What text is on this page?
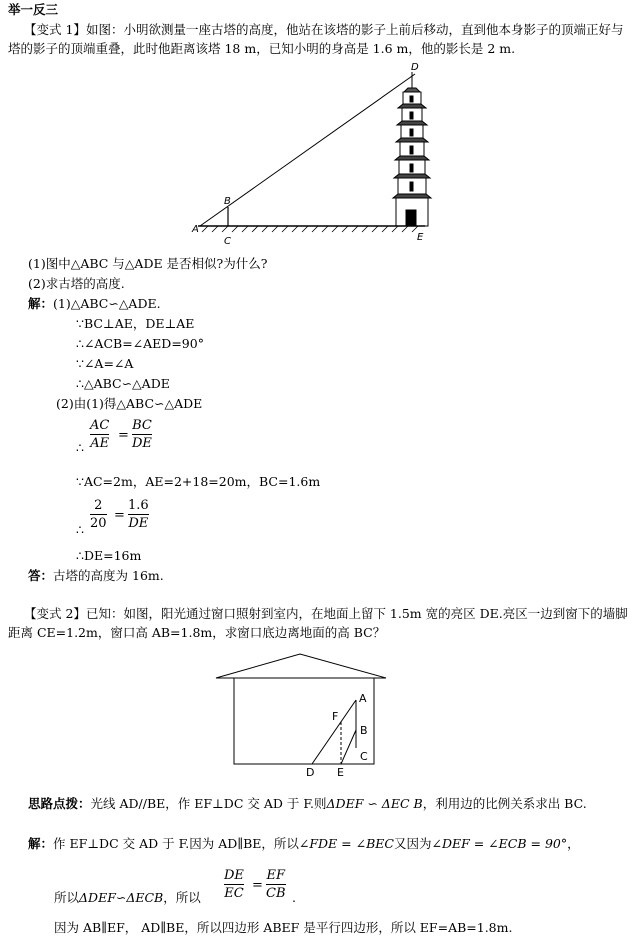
举一反三
【变式 1】如图：小明欲测量一座古塔的高度，他站在该塔的影子上前后移动，直到他本身影子的顶端正好与塔的影子的顶端重叠，此时他距离该塔 18 m，已知小明的身高是 1.6 m，他的影长是 2 m.
D
B
A
C	E
(1)图中△ABC 与△ADE 是否相似?为什么?
(2)求古塔的高度.
解：(1)△ABC∽△ADE.
∵BC⊥AE，DE⊥AE
∴∠ACB=∠AED=90°
∵∠A=∠A
∴△ABC∽△ADE
(2)由(1)得△ABC∽△ADE
∴
AC
AE
=
BC
DE
∵AC=2m，AE=2+18=20m，BC=1.6m
∴
2
20
=
1.6
DE
∴DE=16m
答：古塔的高度为 16m.
【变式 2】已知：如图，阳光通过窗口照射到室内，在地面上留下 1.5m 宽的亮区 DE.亮区一边到窗下的墙脚距离 CE=1.2m，窗口高 AB=1.8m，求窗口底边离地面的高 BC？
A
B
C
D E
F
思路点拨：光线 AD//BE，作 EF⊥DC 交 AD 于 F.则ΔDEF ∽ ΔEC B，利用边的比例关系求出 BC.
解：作 EF⊥DC 交 AD 于 F.因为 AD∥BE，所以∠FDE = ∠BEC又因为∠DEF = ∠ECB = 90°，
所以ΔDEF∽ΔECB，所以
DE
EC
=
EF
CB .
因为 AB∥EF， AD∥BE，所以四边形 ABEF 是平行四边形，所以 EF=AB=1.8m.
